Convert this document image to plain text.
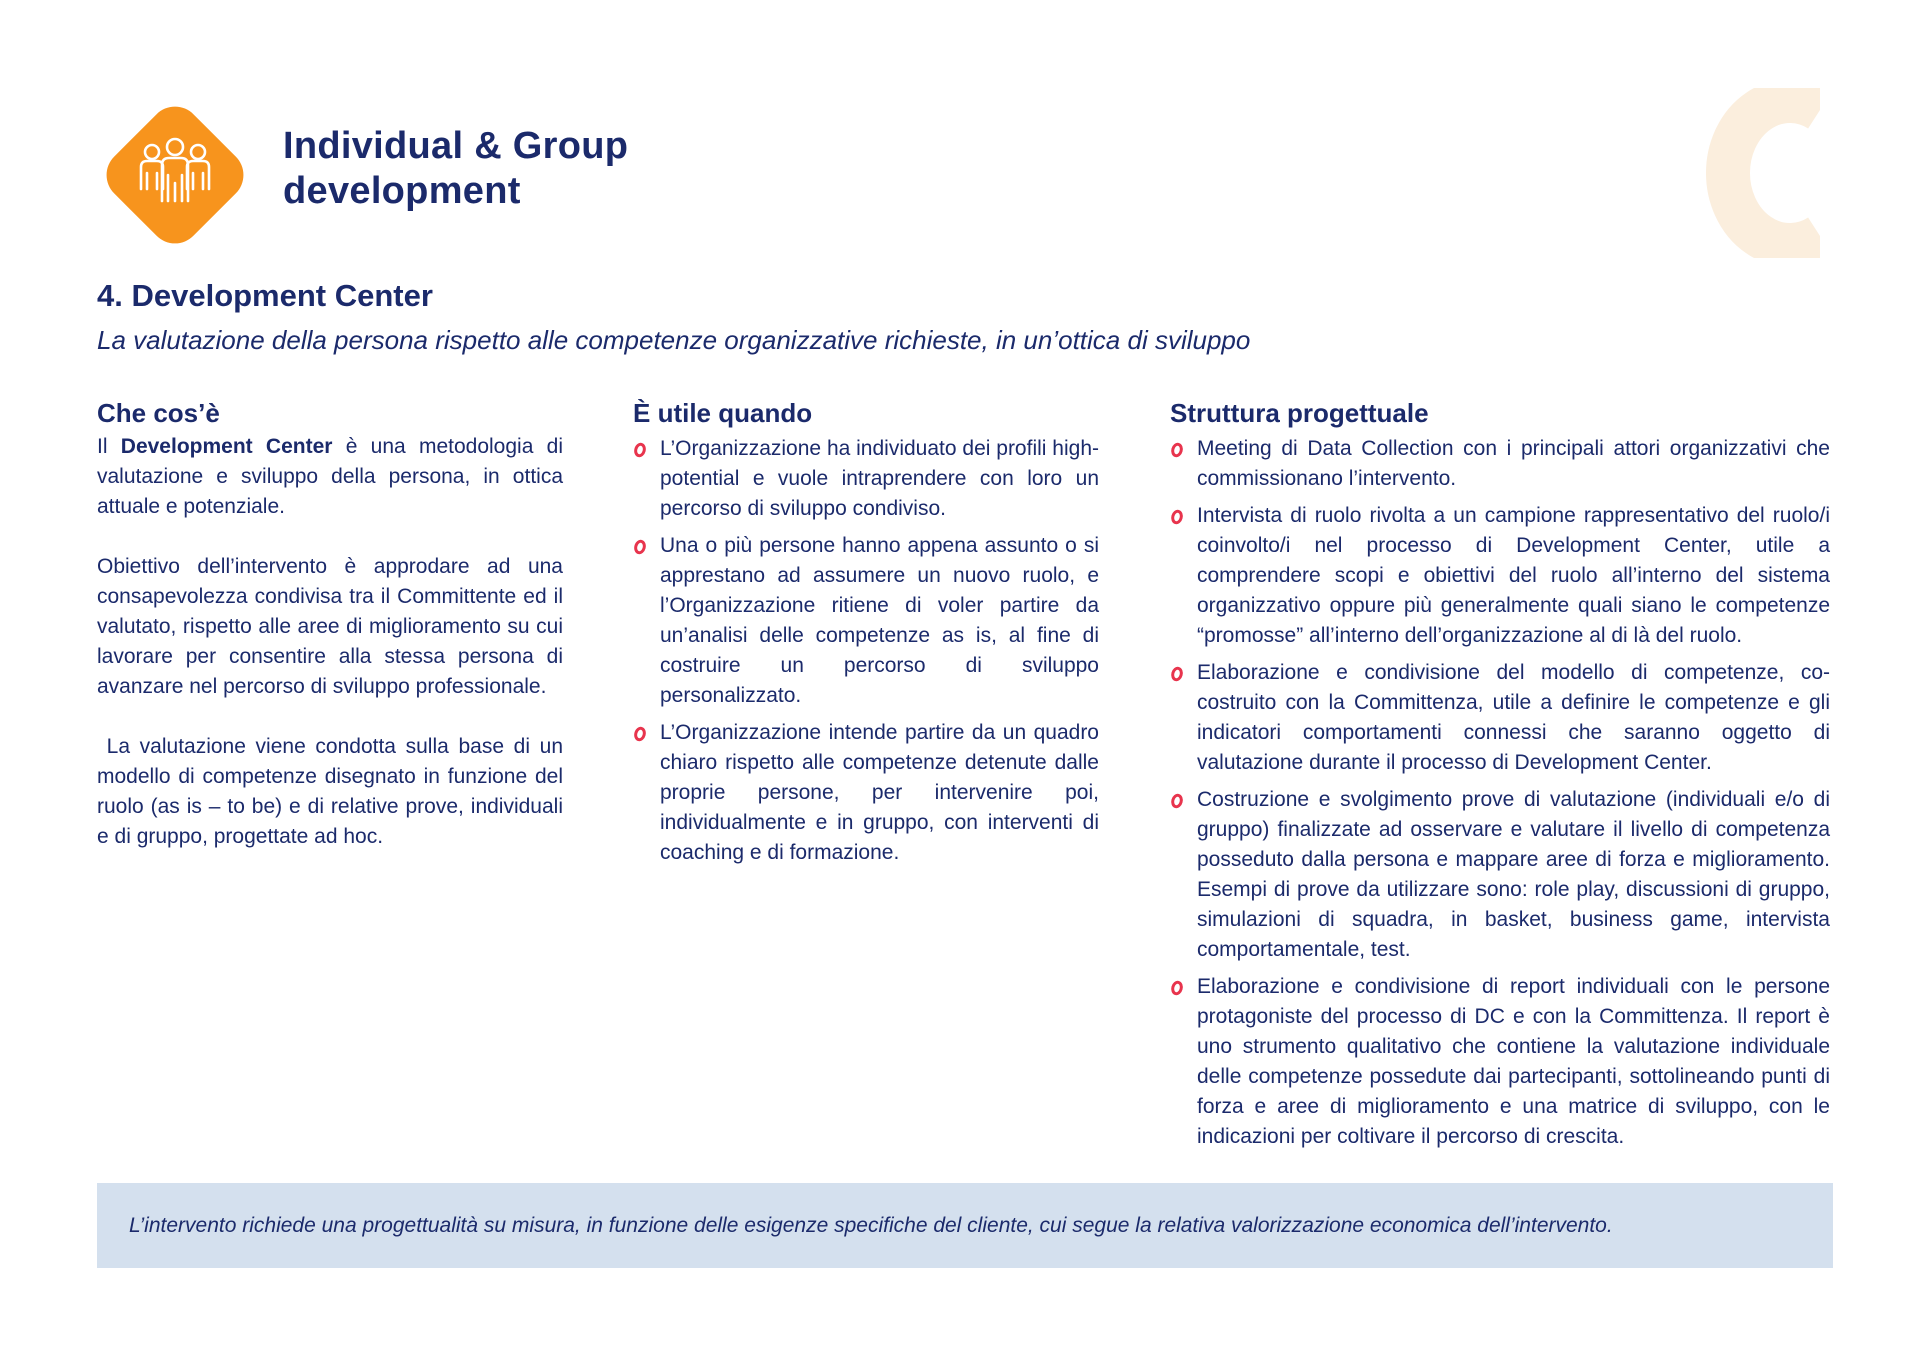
Individual & Group
development
4. Development Center

La valutazione della persona rispetto alle competenze organizzative richieste, in un’ottica di sviluppo

Che cos’è

Il Development Center è una metodologia di valutazione e sviluppo della persona, in ottica attuale e potenziale.

Obiettivo dell’intervento è approdare ad una consapevolezza condivisa tra il Committente ed il valutato, rispetto alle aree di miglioramento su cui lavorare per consentire alla stessa persona di avanzare nel percorso di sviluppo professionale.

La valutazione viene condotta sulla base di un modello di competenze disegnato in funzione del ruolo (as is – to be) e di relative prove, individuali e di gruppo, progettate ad hoc.

È utile quando
L’Organizzazione ha individuato dei profili high-potential e vuole intraprendere con loro un percorso di sviluppo condiviso.
Una o più persone hanno appena assunto o si apprestano ad assumere un nuovo ruolo, e l’Organizzazione ritiene di voler partire da un’analisi delle competenze as is, al fine di costruire un percorso di sviluppo personalizzato.
L’Organizzazione intende partire da un quadro chiaro rispetto alle competenze detenute dalle proprie persone, per intervenire poi, individualmente e in gruppo, con interventi di coaching e di formazione.
Struttura progettuale
Meeting di Data Collection con i principali attori organizzativi che commissionano l’intervento.
Intervista di ruolo rivolta a un campione rappresentativo del ruolo/i coinvolto/i nel processo di Development Center, utile a comprendere scopi e obiettivi del ruolo all’interno del sistema organizzativo oppure più generalmente quali siano le competenze “promosse” all’interno dell’organizzazione al di là del ruolo.
Elaborazione e condivisione del modello di competenze, co-costruito con la Committenza, utile a definire le competenze e gli indicatori comportamenti connessi che saranno oggetto di valutazione durante il processo di Development Center.
Costruzione e svolgimento prove di valutazione (individuali e/o di gruppo) finalizzate ad osservare e valutare il livello di competenza posseduto dalla persona e mappare aree di forza e miglioramento. Esempi di prove da utilizzare sono: role play, discussioni di gruppo, simulazioni di squadra, in basket, business game, intervista comportamentale, test.
Elaborazione e condivisione di report individuali con le persone protagoniste del processo di DC e con la Committenza. Il report è uno strumento qualitativo che contiene la valutazione individuale delle competenze possedute dai partecipanti, sottolineando punti di forza e aree di miglioramento e una matrice di sviluppo, con le indicazioni per coltivare il percorso di crescita.

L’intervento richiede una progettualità su misura, in funzione delle esigenze specifiche del cliente, cui segue la relativa valorizzazione economica dell’intervento.
